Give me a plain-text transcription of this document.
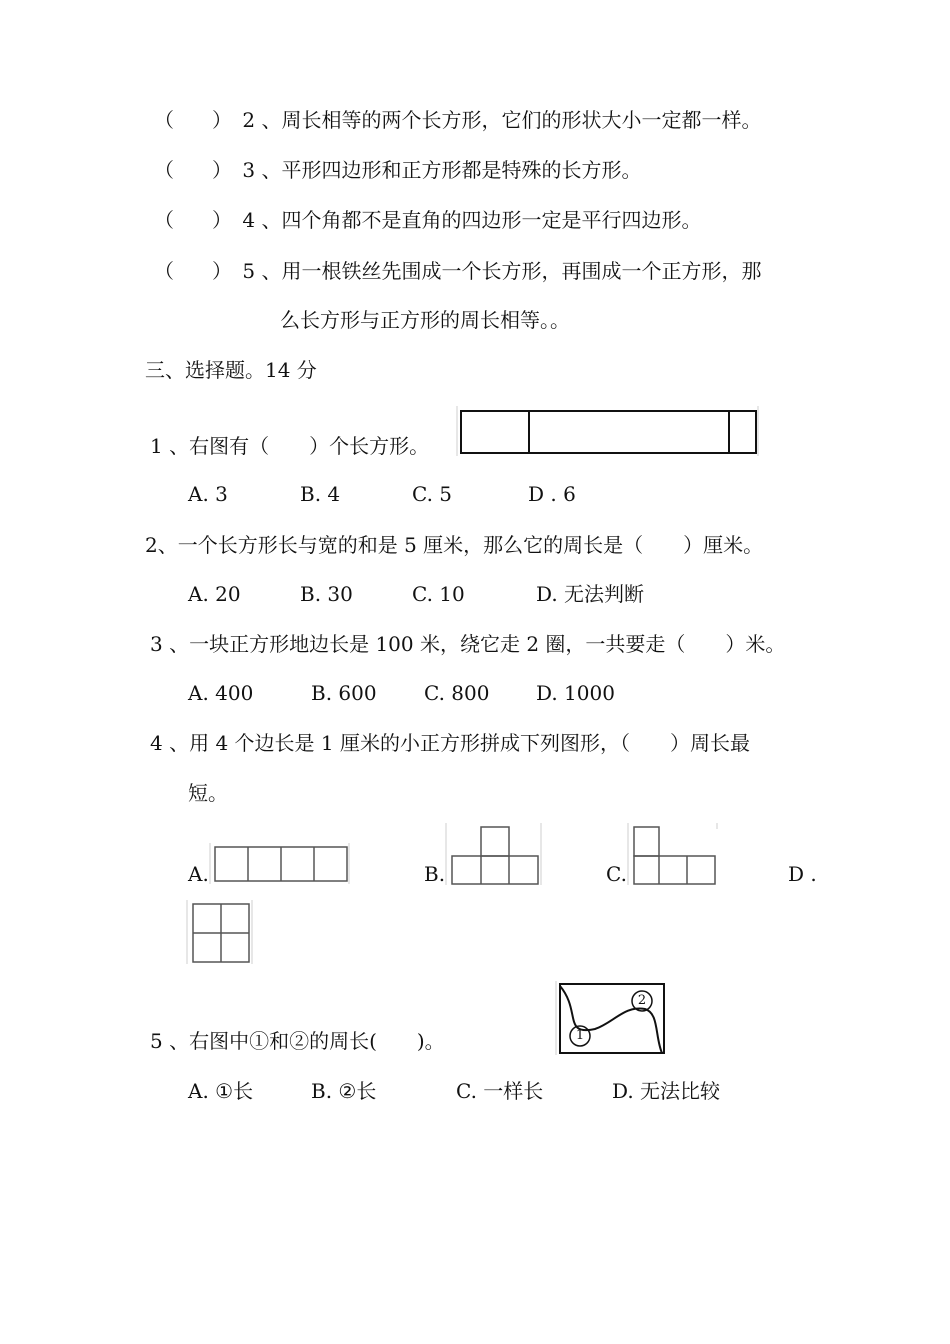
（ ） 2 、周长相等的两个长方形，它们的形状大小一定都一样。
（ ） 3 、平形四边形和正方形都是特殊的长方形。
（ ） 4 、四个角都不是直角的四边形一定是平行四边形。
（ ） 5 、用一根铁丝先围成一个长方形，再围成一个正方形，那
么长方形与正方形的周长相等。。
三、选择题。14 分
1 、右图有（　　）个长方形。
A. 3	B. 4	C. 5	D . 6
2、一个长方形长与宽的和是 5 厘米，那么它的周长是（　　）厘米。
A. 20	B. 30	C. 10	D. 无法判断
3 、一块正方形地边长是 100 米，绕它走 2 圈，一共要走（　　）米。
A. 400	B. 600 C. 800 D. 1000
4 、用 4 个边长是 1 厘米的小正方形拼成下列图形，（　　）周长最
短。
A.	B.	C.	D .
5 、右图中①和②的周长(　　)。
2
1
A. ①长	B. ②长	C. 一样长	D. 无法比较
